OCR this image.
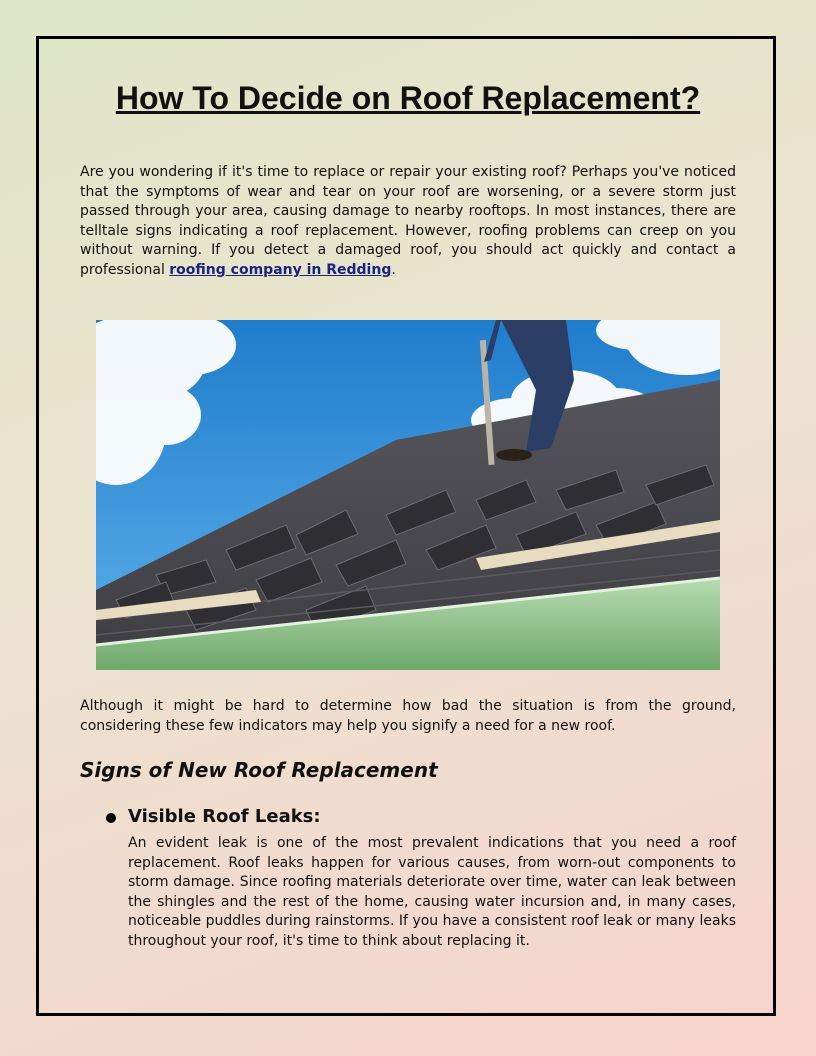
How To Decide on Roof Replacement?

Are you wondering if it's time to replace or repair your existing roof? Perhaps you've noticed that the symptoms of wear and tear on your roof are worsening, or a severe storm just passed through your area, causing damage to nearby rooftops. In most instances, there are telltale signs indicating a roof replacement. However, roofing problems can creep on you without warning. If you detect a damaged roof, you should act quickly and contact a professional roofing company in Redding.

Although it might be hard to determine how bad the situation is from the ground, considering these few indicators may help you signify a need for a new roof.

Signs of New Roof Replacement
Visible Roof Leaks:

An evident leak is one of the most prevalent indications that you need a roof replacement. Roof leaks happen for various causes, from worn-out components to storm damage. Since roofing materials deteriorate over time, water can leak between the shingles and the rest of the home, causing water incursion and, in many cases, noticeable puddles during rainstorms. If you have a consistent roof leak or many leaks throughout your roof, it's time to think about replacing it.
